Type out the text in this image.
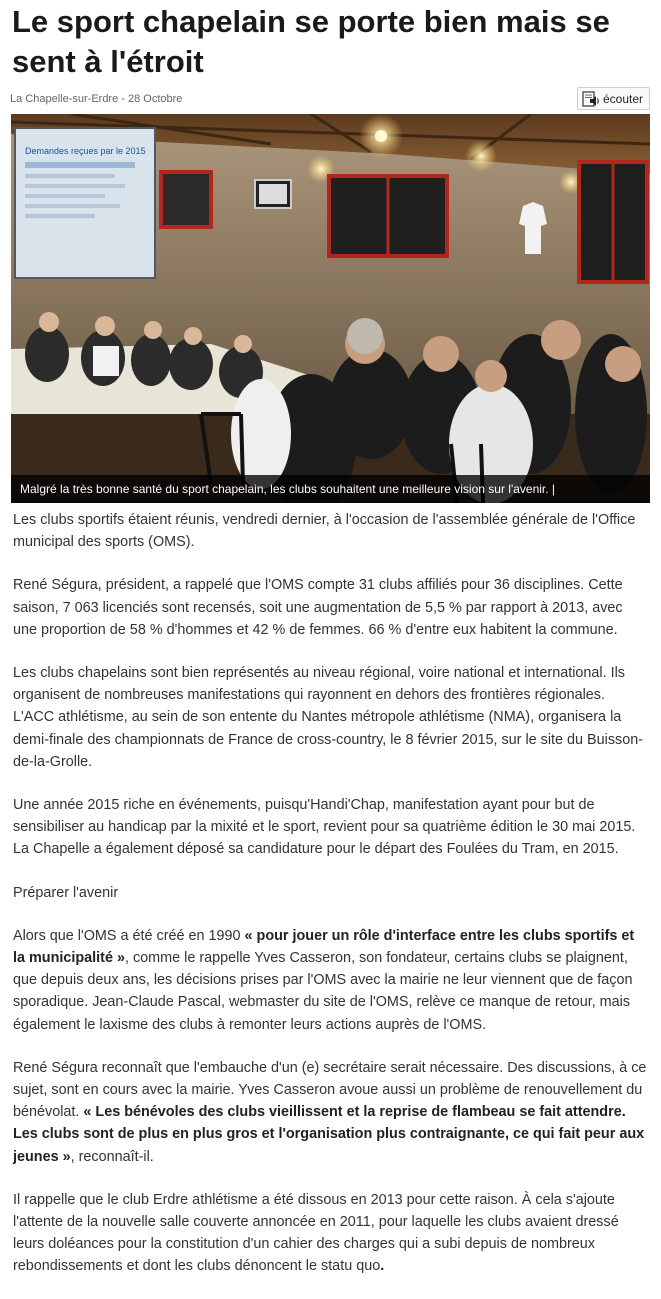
Le sport chapelain se porte bien mais se sent à l'étroit
La Chapelle-sur-Erdre - 28 Octobre	écouter
Demandes reçues par le 2015
Malgré la très bonne santé du sport chapelain, les clubs souhaitent une meilleure vision sur l'avenir. |

Les clubs sportifs étaient réunis, vendredi dernier, à l'occasion de l'assemblée générale de l'Office municipal des sports (OMS).

René Ségura, président, a rappelé que l'OMS compte 31 clubs affiliés pour 36 disciplines. Cette saison, 7 063 licenciés sont recensés, soit une augmentation de 5,5 % par rapport à 2013, avec une proportion de 58 % d'hommes et 42 % de femmes. 66 % d'entre eux habitent la commune.

Les clubs chapelains sont bien représentés au niveau régional, voire national et international. Ils organisent de nombreuses manifestations qui rayonnent en dehors des frontières régionales. L'ACC athlétisme, au sein de son entente du Nantes métropole athlétisme (NMA), organisera la demi-finale des championnats de France de cross-country, le 8 février 2015, sur le site du Buisson-de-la-Grolle.

Une année 2015 riche en événements, puisqu'Handi'Chap, manifestation ayant pour but de sensibiliser au handicap par la mixité et le sport, revient pour sa quatrième édition le 30 mai 2015. La Chapelle a également déposé sa candidature pour le départ des Foulées du Tram, en 2015.

Préparer l'avenir

Alors que l'OMS a été créé en 1990 « pour jouer un rôle d'interface entre les clubs sportifs et la municipalité », comme le rappelle Yves Casseron, son fondateur, certains clubs se plaignent, que depuis deux ans, les décisions prises par l'OMS avec la mairie ne leur viennent que de façon sporadique. Jean-Claude Pascal, webmaster du site de l'OMS, relève ce manque de retour, mais également le laxisme des clubs à remonter leurs actions auprès de l'OMS.

René Ségura reconnaît que l'embauche d'un (e) secrétaire serait nécessaire. Des discussions, à ce sujet, sont en cours avec la mairie. Yves Casseron avoue aussi un problème de renouvellement du bénévolat. « Les bénévoles des clubs vieillissent et la reprise de flambeau se fait attendre. Les clubs sont de plus en plus gros et l'organisation plus contraignante, ce qui fait peur aux jeunes », reconnaît-il.

Il rappelle que le club Erdre athlétisme a été dissous en 2013 pour cette raison. À cela s'ajoute l'attente de la nouvelle salle couverte annoncée en 2011, pour laquelle les clubs avaient dressé leurs doléances pour la constitution d'un cahier des charges qui a subi depuis de nombreux rebondissements et dont les clubs dénoncent le statu quo.
